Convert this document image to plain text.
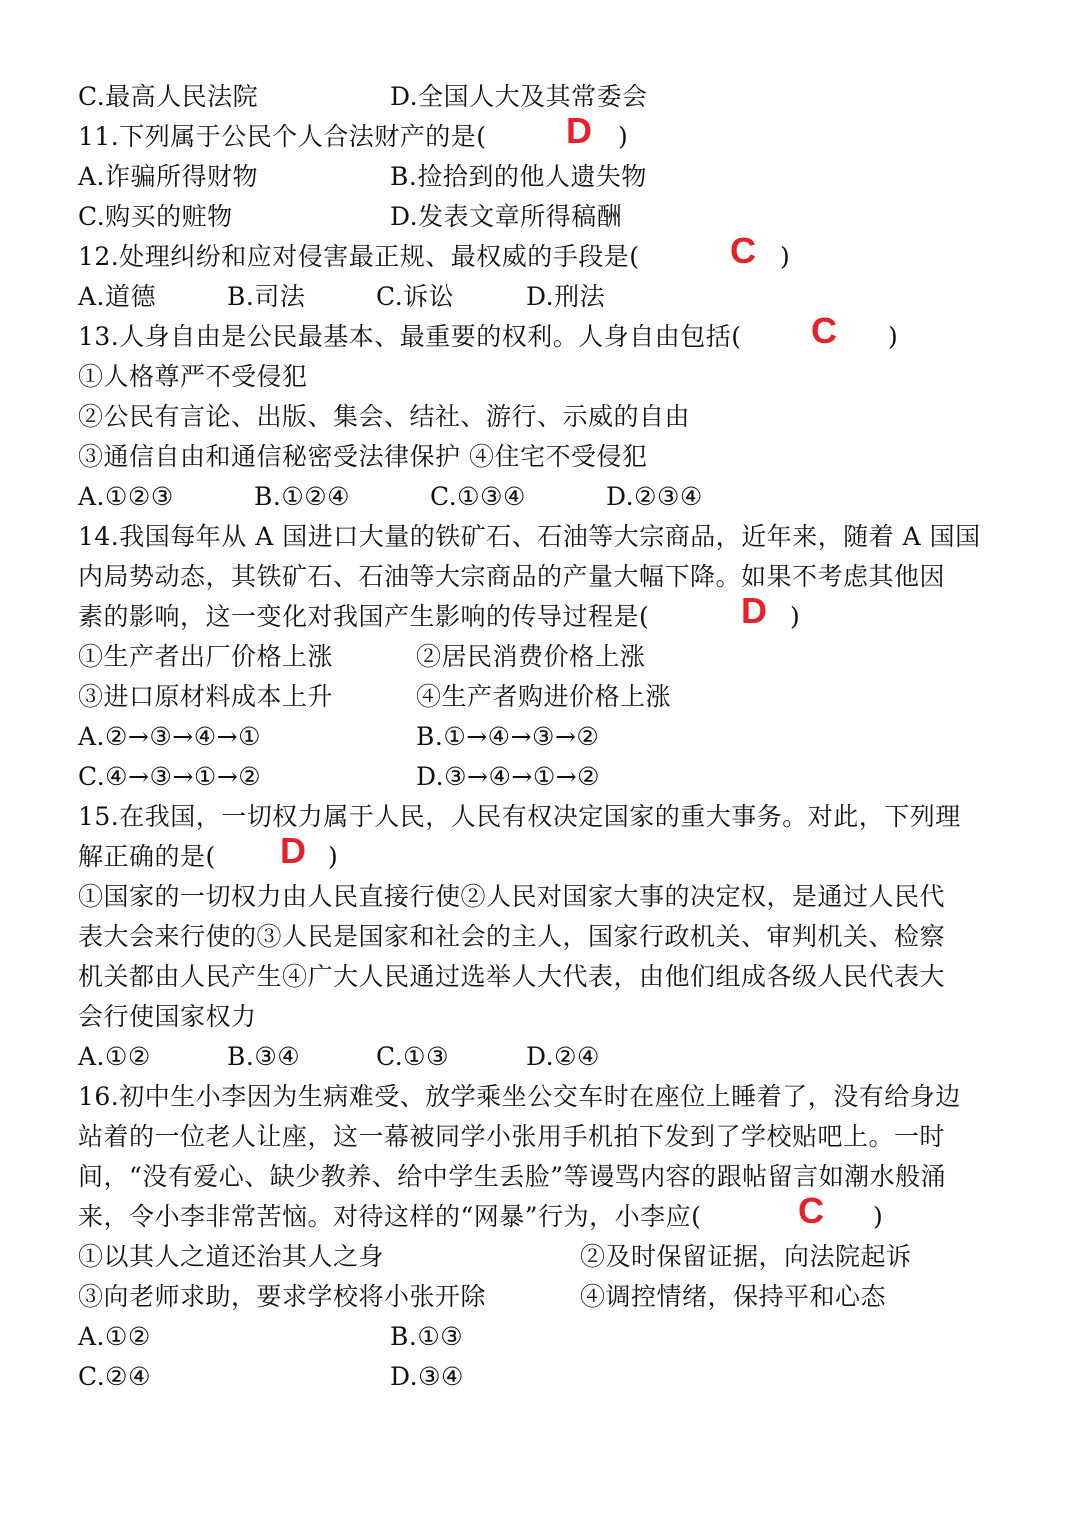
C.最高人民法院	D.全国人大及其常委会
11.下列属于公民个人合法财产的是( D )
A.诈骗所得财物	B.捡拾到的他人遗失物
C.购买的赃物	D.发表文章所得稿酬
12.处理纠纷和应对侵害最正规、最权威的手段是(	C )
A.道德	B.司法	C.诉讼	D.刑法
13.人身自由是公民最基本、最重要的权利。人身自由包括( C )
①人格尊严不受侵犯
②公民有言论、出版、集会、结社、游行、示威的自由
③通信自由和通信秘密受法律保护 ④住宅不受侵犯
A.①②③	B.①②④	C.①③④	D.②③④
14.我国每年从 A 国进口大量的铁矿石、石油等大宗商品，近年来，随着 A 国国
内局势动态，其铁矿石、石油等大宗商品的产量大幅下降。如果不考虑其他因
素的影响，这一变化对我国产生影响的传导过程是(	D )
①生产者出厂价格上涨	②居民消费价格上涨
③进口原材料成本上升	④生产者购进价格上涨
A.②→③→④→①	B.①→④→③→②
C.④→③→①→②	D.③→④→①→②
15.在我国，一切权力属于人民，人民有权决定国家的重大事务。对此，下列理
解正确的是( D )
①国家的一切权力由人民直接行使②人民对国家大事的决定权，是通过人民代
表大会来行使的③人民是国家和社会的主人，国家行政机关、审判机关、检察
机关都由人民产生④广大人民通过选举人大代表，由他们组成各级人民代表大
会行使国家权力
A.①②	B.③④	C.①③	D.②④
16.初中生小李因为生病难受、放学乘坐公交车时在座位上睡着了，没有给身边
站着的一位老人让座，这一幕被同学小张用手机拍下发到了学校贴吧上。一时
间，“没有爱心、缺少教养、给中学生丢脸”等谩骂内容的跟帖留言如潮水般涌
来，令小李非常苦恼。对待这样的“网暴”行为，小李应(	C )
①以其人之道还治其人之身	②及时保留证据，向法院起诉
③向老师求助，要求学校将小张开除	④调控情绪，保持平和心态
A.①②	B.①③
C.②④	D.③④
